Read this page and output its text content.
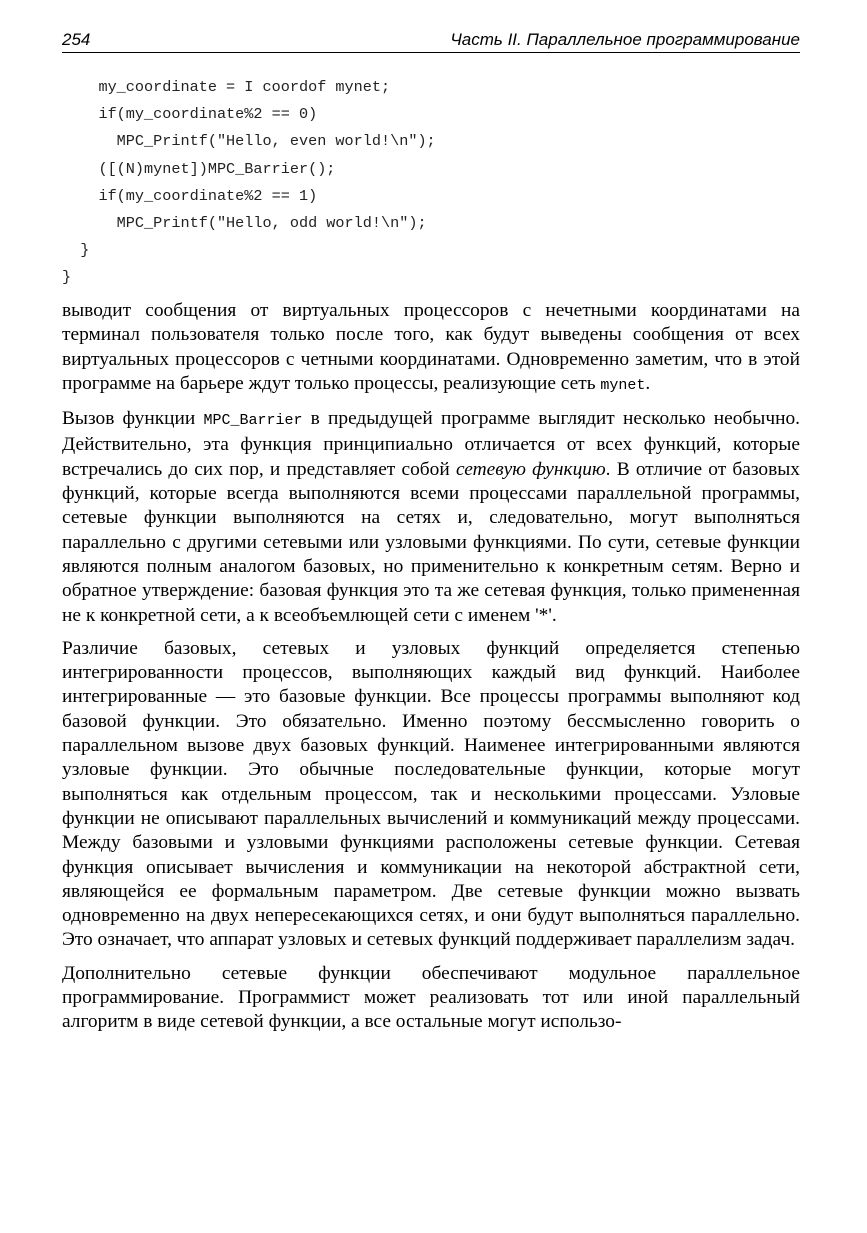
254	Часть II. Параллельное программирование
my_coordinate = I coordof mynet;
if(my_coordinate%2 == 0)
MPC_Printf("Hello, even world!\n");
([(N)mynet])MPC_Barrier();
if(my_coordinate%2 == 1)
MPC_Printf("Hello, odd world!\n");
}
}

выводит сообщения от виртуальных процессоров с нечетными координатами на терминал пользователя только после того, как будут выведены сообщения от всех виртуальных процессоров с четными координатами. Одновременно заметим, что в этой программе на барьере ждут только процессы, реализующие сеть mynet.

Вызов функции MPC_Barrier в предыдущей программе выглядит несколько необычно. Действительно, эта функция принципиально отличается от всех функций, которые встречались до сих пор, и представляет собой сетевую функцию. В отличие от базовых функций, которые всегда выполняются всеми процессами параллельной программы, сетевые функции выполняются на сетях и, следовательно, могут выполняться параллельно с другими сетевыми или узловыми функциями. По сути, сетевые функции являются полным аналогом базовых, но применительно к конкретным сетям. Верно и обратное утверждение: базовая функция это та же сетевая функция, только примененная не к конкретной сети, а к всеобъемлющей сети с именем '*'.

Различие базовых, сетевых и узловых функций определяется степенью интегрированности процессов, выполняющих каждый вид функций. Наиболее интегрированные — это базовые функции. Все процессы программы выполняют код базовой функции. Это обязательно. Именно поэтому бессмысленно говорить о параллельном вызове двух базовых функций. Наименее интегрированными являются узловые функции. Это обычные последовательные функции, которые могут выполняться как отдельным процессом, так и несколькими процессами. Узловые функции не описывают параллельных вычислений и коммуникаций между процессами. Между базовыми и узловыми функциями расположены сетевые функции. Сетевая функция описывает вычисления и коммуникации на некоторой абстрактной сети, являющейся ее формальным параметром. Две сетевые функции можно вызвать одновременно на двух непересекающихся сетях, и они будут выполняться параллельно. Это означает, что аппарат узловых и сетевых функций поддерживает параллелизм задач.

Дополнительно сетевые функции обеспечивают модульное параллельное программирование. Программист может реализовать тот или иной параллельный алгоритм в виде сетевой функции, а все остальные могут использо-
